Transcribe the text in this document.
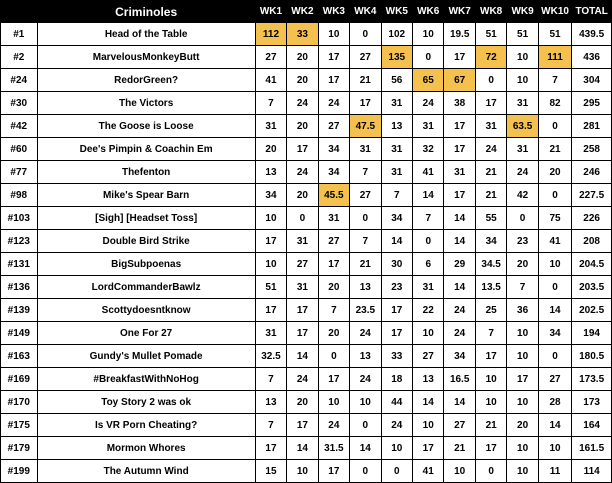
	Criminoles	WK1	WK2	WK3	WK4	WK5	WK6	WK7	WK8	WK9	WK10	TOTAL
#1	Head of the Table	112	33	10	0	102	10	19.5	51	51	51	439.5
#2	MarvelousMonkeyButt	27	20	17	27	135	0	17	72	10	111	436
#24	RedorGreen?	41	20	17	21	56	65	67	0	10	7	304
#30	The Victors	7	24	24	17	31	24	38	17	31	82	295
#42	The Goose is Loose	31	20	27	47.5	13	31	17	31	63.5	0	281
#60	Dee's Pimpin & Coachin Em	20	17	34	31	31	32	17	24	31	21	258
#77	Thefenton	13	24	34	7	31	41	31	21	24	20	246
#98	Mike's Spear Barn	34	20	45.5	27	7	14	17	21	42	0	227.5
#103	[Sigh] [Headset Toss]	10	0	31	0	34	7	14	55	0	75	226
#123	Double Bird Strike	17	31	27	7	14	0	14	34	23	41	208
#131	BigSubpoenas	10	27	17	21	30	6	29	34.5	20	10	204.5
#136	LordCommanderBawlz	51	31	20	13	23	31	14	13.5	7	0	203.5
#139	Scottydoesntknow	17	17	7	23.5	17	22	24	25	36	14	202.5
#149	One For 27	31	17	20	24	17	10	24	7	10	34	194
#163	Gundy's Mullet Pomade	32.5	14	0	13	33	27	34	17	10	0	180.5
#169	#BreakfastWithNoHog	7	24	17	24	18	13	16.5	10	17	27	173.5
#170	Toy Story 2 was ok	13	20	10	10	44	14	14	10	10	28	173
#175	Is VR Porn Cheating?	7	17	24	0	24	10	27	21	20	14	164
#179	Mormon Whores	17	14	31.5	14	10	17	21	17	10	10	161.5
#199	The Autumn Wind	15	10	17	0	0	41	10	0	10	11	114
